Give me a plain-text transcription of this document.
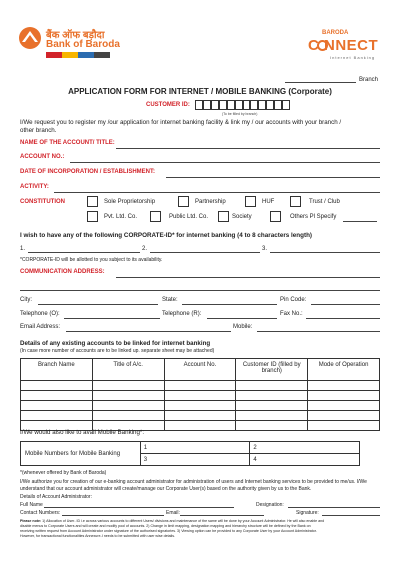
बैंक ऑफ बड़ौदा
Bank of Baroda
BARODA
C NNECT
Internet Banking
Branch
APPLICATION FORM FOR INTERNET / MOBILE BANKING (Corporate)
CUSTOMER ID:
(To be filled by branch)
I/We request you to register my /our application for internet banking facility & link my / our accounts with your branch /
other branch.
NAME OF THE ACCOUNT/ TITLE:
ACCOUNT NO.:
DATE OF INCORPORATION / ESTABLISHMENT:
ACTIVITY:
CONSTITUTION	Sole Proprietorship	Partnership	HUF	Trust / Club
Pvt. Ltd. Co.	Public Ltd. Co.	Society	Others Pl Specify
I wish to have any of the following CORPORATE-ID* for internet banking (4 to 8 characters length)
1.	2.	3.
*CORPORATE-ID will be allotted to you subject to its availability.
COMMUNICATION ADDRESS:
City:	State:	Pin Code:
Telephone (O):	Telephone (R):	Fax No.:
Email Address:	Mobile:
Details of any existing accounts to be linked for internet banking
(In case more number of accounts are to be linked up. separate sheet may be attached)
Branch Name	Title of A/c.	Account No.	Customer ID (filled by branch)	Mode of Operation

I/We would also like to avail Mobile Banking*:
Mobile Numbers for Mobile Banking	1	2
	3	4
*(whenever offered by Bank of Baroda)
I/We authorize you for creation of our e-banking account administrator for administration of users and Internet banking services to be provided to me/us. I/We
understand that our account administrator will create/manage our Corporate User(s) based on the authority given by us to the Bank.
Details of Account Administrator:
Full Name	Designation:
Contact Numbers:	Email:	Signature:
Please note: 1) Allocation of User- ID i.e across various accounts to different Users/ divisions and maintenance of the same will be done by your Account Administrator. He will also enable and
disable menus to Corporate Users and will create and modify pool of accounts. 2) Change in limit mapping, designation mapping and hierarchy structure will be defined by the Bank on
receiving written request from Account Administrator under signature of the authorised signatories. 3) Viewing option can be provided to any Corporate User by your Account Administrator.
However, for transactional functionalities Annexure-I needs to be submitted with user wise details.
